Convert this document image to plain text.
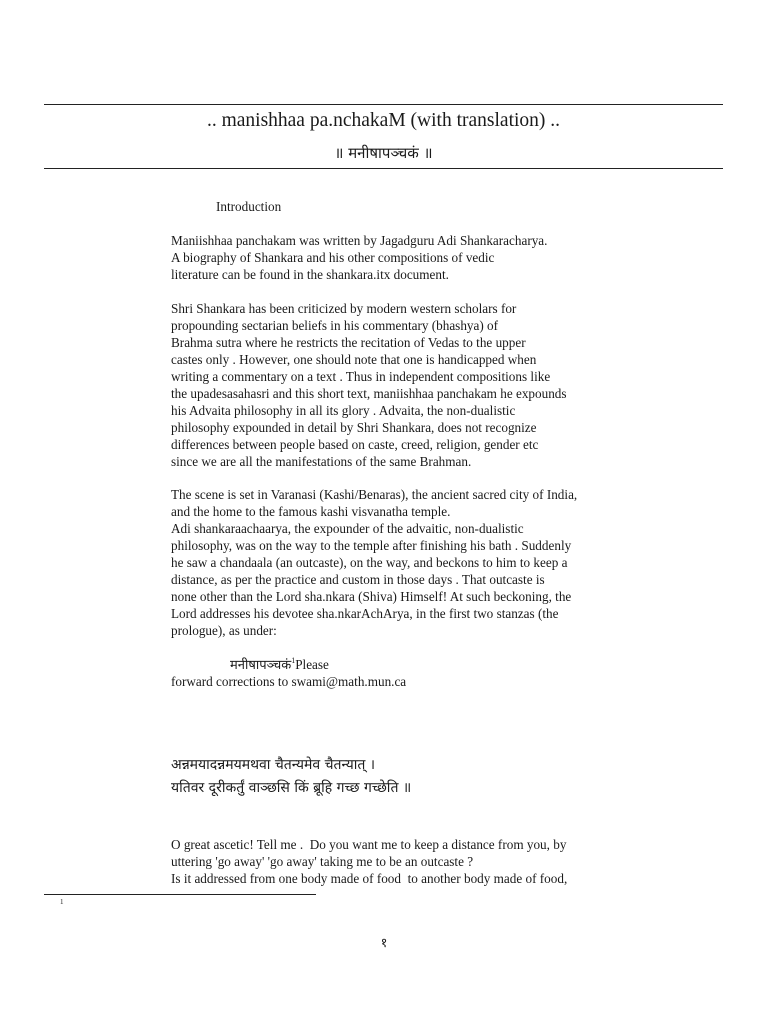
.. manishhaa pa.nchakaM (with translation) ..
॥ मनीषापञ्चकं ॥
Introduction
Maniishhaa panchakam was written by Jagadguru Adi Shankaracharya.
A biography of Shankara and his other compositions of vedic
literature can be found in the shankara.itx document.
Shri Shankara has been criticized by modern western scholars for
propounding sectarian beliefs in his commentary (bhashya) of
Brahma sutra where he restricts the recitation of Vedas to the upper
castes only . However, one should note that one is handicapped when
writing a commentary on a text . Thus in independent compositions like
the upadesasahasri and this short text, maniishhaa panchakam he expounds
his Advaita philosophy in all its glory . Advaita, the non-dualistic
philosophy expounded in detail by Shri Shankara, does not recognize
differences between people based on caste, creed, religion, gender etc
since we are all the manifestations of the same Brahman.
The scene is set in Varanasi (Kashi/Benaras), the ancient sacred city of India,
and the home to the famous kashi visvanatha temple.
Adi shankaraachaarya, the expounder of the advaitic, non-dualistic
philosophy, was on the way to the temple after finishing his bath . Suddenly
he saw a chandaala (an outcaste), on the way, and beckons to him to keep a
distance, as per the practice and custom in those days . That outcaste is
none other than the Lord sha.nkara (Shiva) Himself! At such beckoning, the
Lord addresses his devotee sha.nkarAchArya, in the first two stanzas (the
prologue), as under:
मनीषापञ्चकं$^1$Please
forward corrections to swami@math.mun.ca
अन्नमयादन्नमयमथवा चैतन्यमेव चैतन्यात् ।
यतिवर दूरीकर्तुं वाञ्छसि किं ब्रूहि गच्छ गच्छेति ॥
O great ascetic! Tell me .  Do you want me to keep a distance from you, by
uttering 'go away' 'go away' taking me to be an outcaste ?
Is it addressed from one body made of food  to another body made of food,
1
१
